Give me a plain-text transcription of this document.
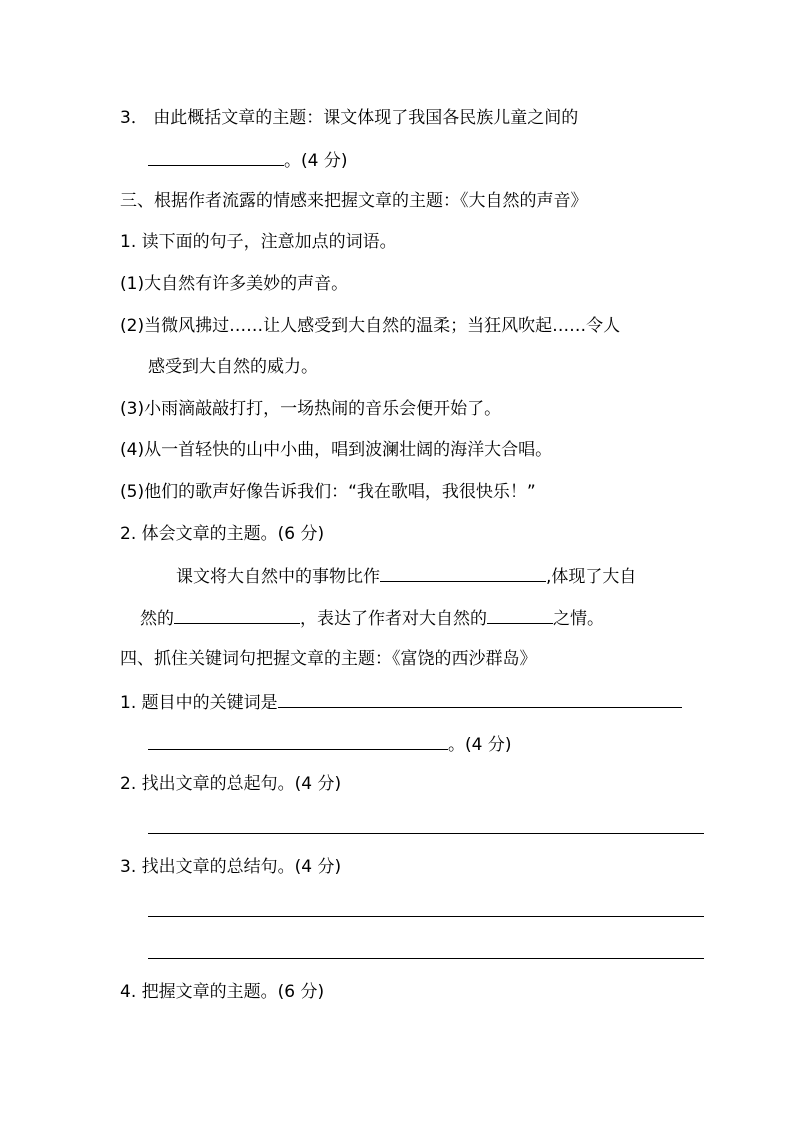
3． 由此概括文章的主题：课文体现了我国各民族儿童之间的
。(4 分)
三、根据作者流露的情感来把握文章的主题：《大自然的声音》
1. 读下面的句子，注意加点的词语。
(1)大自然有许多美妙的声音。
(2)当微风拂过……让人感受到大自然的温柔；当狂风吹起……令人
感受到大自然的威力。
(3)小雨滴敲敲打打，一场热闹的音乐会便开始了。
(4)从一首轻快的山中小曲，唱到波澜壮阔的海洋大合唱。
(5)他们的歌声好像告诉我们：“我在歌唱，我很快乐！”
2. 体会文章的主题。(6 分)
课文将大自然中的事物比作	,体现了大自
然的	，表达了作者对大自然的	之情。
四、抓住关键词句把握文章的主题：《富饶的西沙群岛》
1. 题目中的关键词是
。(4 分)
2. 找出文章的总起句。(4 分)
3. 找出文章的总结句。(4 分)
4. 把握文章的主题。(6 分)
